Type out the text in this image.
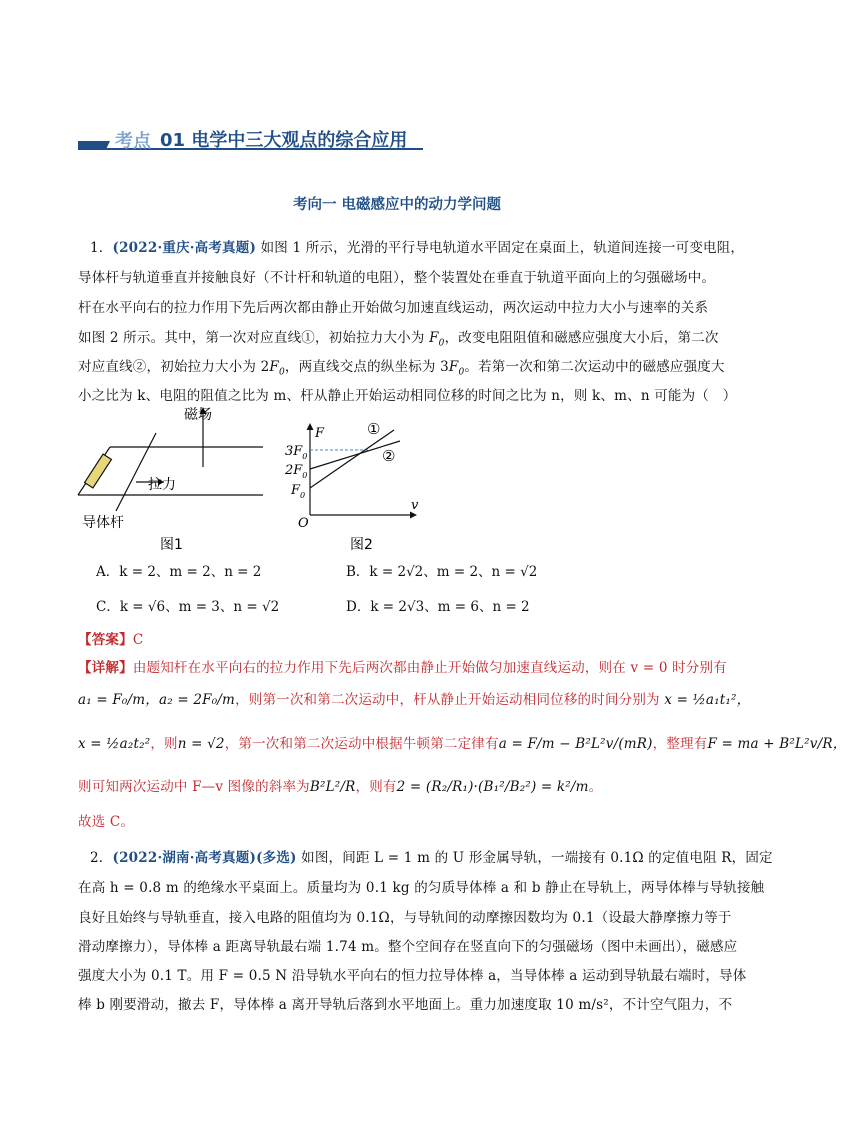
考点 01 电学中三大观点的综合应用
考向一 电磁感应中的动力学问题
1．(2022·重庆·高考真题) 如图 1 所示，光滑的平行导电轨道水平固定在桌面上，轨道间连接一可变电阻，
导体杆与轨道垂直并接触良好（不计杆和轨道的电阻），整个装置处在垂直于轨道平面向上的匀强磁场中。
杆在水平向右的拉力作用下先后两次都由静止开始做匀加速直线运动，两次运动中拉力大小与速率的关系
如图 2 所示。其中，第一次对应直线①，初始拉力大小为 $F_0$，改变电阻阻值和磁感应强度大小后，第二次
对应直线②，初始拉力大小为 $2F_0$，两直线交点的纵坐标为 $3F_0$。若第一次和第二次运动中的磁感应强度大
小之比为 k、电阻的阻值之比为 m、杆从静止开始运动相同位移的时间之比为 n，则 k、m、n 可能为（　）
磁场
拉力
导体杆
图1
F
v
O
$3F_0$
$2F_0$
$F_0$
①
②
图2
A．k = 2、m = 2、n = 2	B．k = 2√2、m = 2、n = √2
C．k = √6、m = 3、n = √2	D．k = 2√3、m = 6、n = 2
【答案】C
【详解】由题知杆在水平向右的拉力作用下先后两次都由静止开始做匀加速直线运动，则在 v = 0 时分别有
a₁ = F₀/m，a₂ = 2F₀/m，则第一次和第二次运动中，杆从静止开始运动相同位移的时间分别为 x = ½a₁t₁²，
x = ½a₂t₂²，则n = √2，第一次和第二次运动中根据牛顿第二定律有a = F/m − B²L²v/(mR)，整理有F = ma + B²L²v/R，
则可知两次运动中 F—v 图像的斜率为B²L²/R，则有2 = (R₂/R₁)·(B₁²/B₂²) = k²/m。
故选 C。
2．(2022·湖南·高考真题)(多选) 如图，间距 L = 1 m 的 U 形金属导轨，一端接有 0.1Ω 的定值电阻 R，固定
在高 h = 0.8 m 的绝缘水平桌面上。质量均为 0.1 kg 的匀质导体棒 a 和 b 静止在导轨上，两导体棒与导轨接触
良好且始终与导轨垂直，接入电路的阻值均为 0.1Ω，与导轨间的动摩擦因数均为 0.1（设最大静摩擦力等于
滑动摩擦力），导体棒 a 距离导轨最右端 1.74 m。整个空间存在竖直向下的匀强磁场（图中未画出），磁感应
强度大小为 0.1 T。用 F = 0.5 N 沿导轨水平向右的恒力拉导体棒 a，当导体棒 a 运动到导轨最右端时，导体
棒 b 刚要滑动，撤去 F，导体棒 a 离开导轨后落到水平地面上。重力加速度取 10 m/s²，不计空气阻力，不
